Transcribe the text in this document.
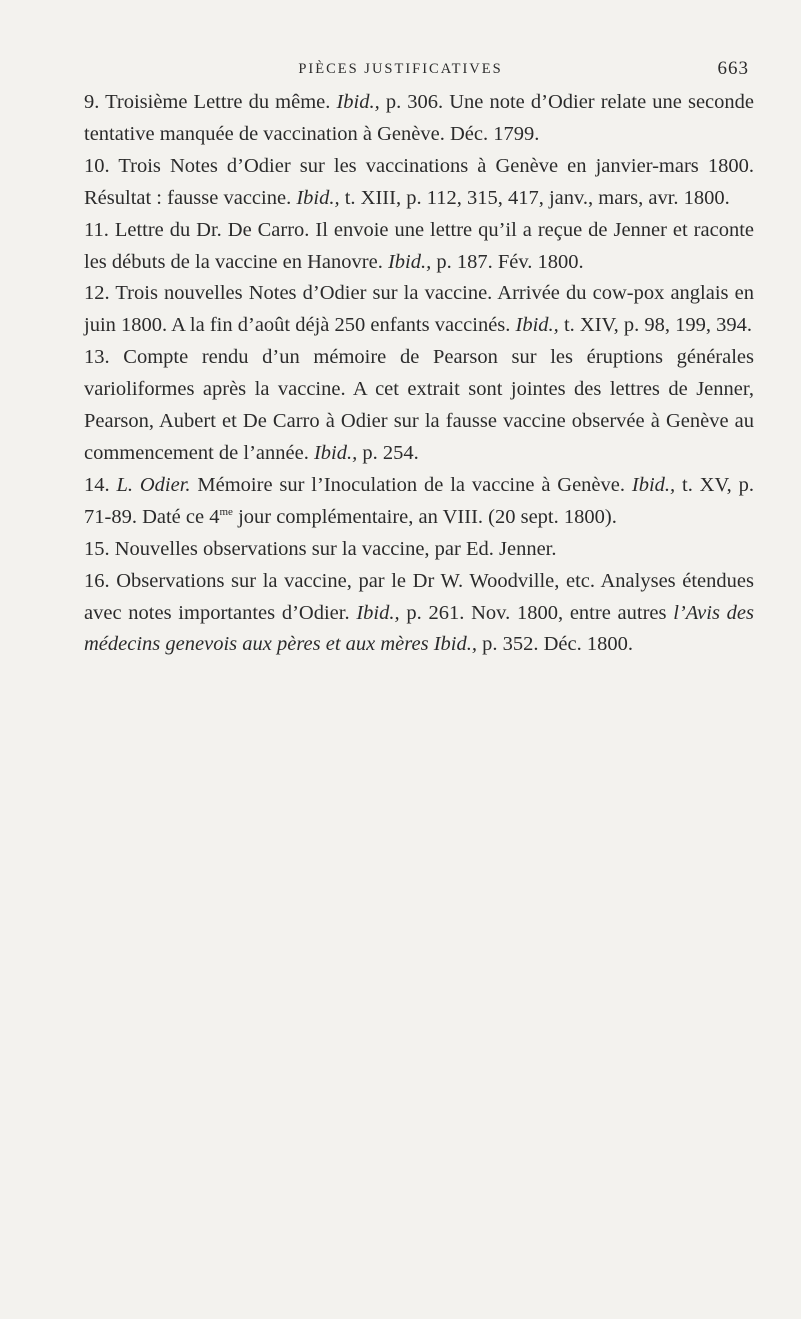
PIÈCES JUSTIFICATIVES	663

9. Troisième Lettre du même. Ibid., p. 306. Une note d’Odier relate une seconde tentative manquée de vaccination à Genève. Déc. 1799.

10. Trois Notes d’Odier sur les vaccinations à Genève en janvier-mars 1800. Résultat : fausse vaccine. Ibid., t. XIII, p. 112, 315, 417, janv., mars, avr. 1800.

11. Lettre du Dr. De Carro. Il envoie une lettre qu’il a reçue de Jenner et raconte les débuts de la vaccine en Hanovre. Ibid., p. 187. Fév. 1800.

12. Trois nouvelles Notes d’Odier sur la vaccine. Arrivée du cow-pox anglais en juin 1800. A la fin d’août déjà 250 enfants vaccinés. Ibid., t. XIV, p. 98, 199, 394.

13. Compte rendu d’un mémoire de Pearson sur les éruptions générales varioliformes après la vaccine. A cet extrait sont jointes des lettres de Jenner, Pearson, Aubert et De Carro à Odier sur la fausse vaccine observée à Genève au commencement de l’année. Ibid., p. 254.

14. L. Odier. Mémoire sur l’Inoculation de la vaccine à Genève. Ibid., t. XV, p. 71-89. Daté ce $4^{me}$ jour complémentaire, an VIII. (20 sept. 1800).

15. Nouvelles observations sur la vaccine, par Ed. Jenner.

16. Observations sur la vaccine, par le Dr W. Woodville, etc. Analyses étendues avec notes importantes d’Odier. Ibid., p. 261. Nov. 1800, entre autres l’Avis des médecins genevois aux pères et aux mères Ibid., p. 352. Déc. 1800.
